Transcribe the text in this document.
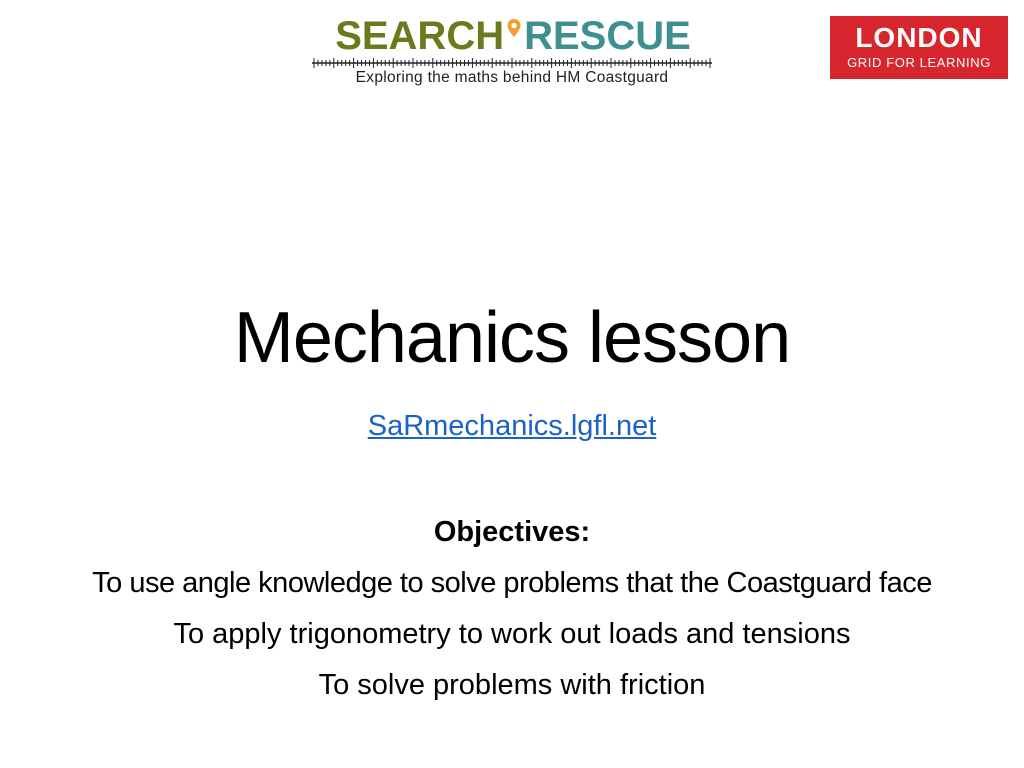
SEARCH RESCUE
Exploring the maths behind HM Coastguard
LONDON
GRID FOR LEARNING
Mechanics lesson
SaRmechanics.lgfl.net
Objectives:
To use angle knowledge to solve problems that the Coastguard face
To apply trigonometry to work out loads and tensions
To solve problems with friction
